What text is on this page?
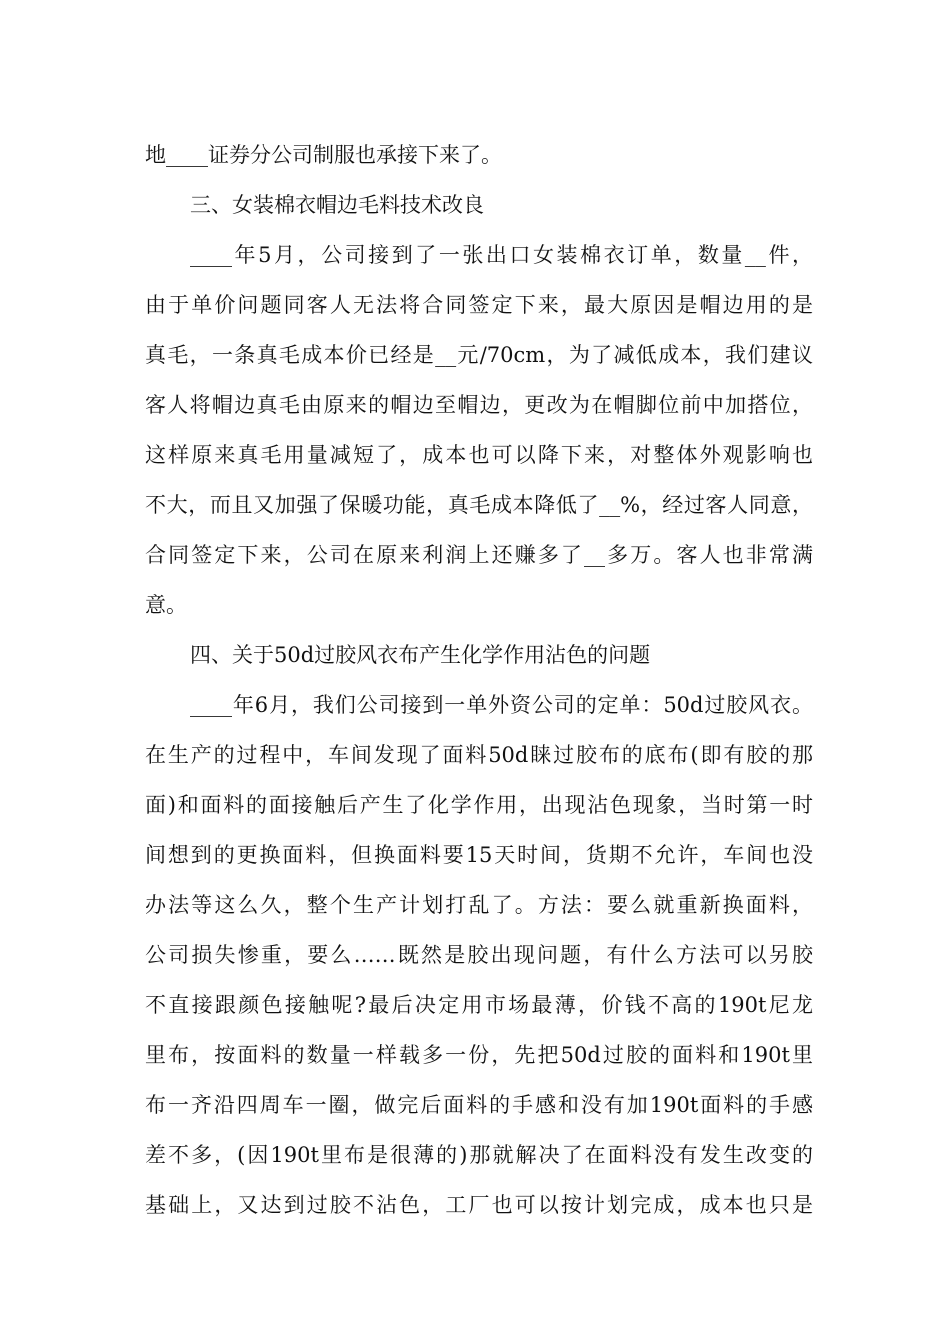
地____证券分公司制服也承接下来了。
三、女装棉衣帽边毛料技术改良
____年5月，公司接到了一张出口女装棉衣订单，数量__件，
由于单价问题同客人无法将合同签定下来，最大原因是帽边用的是
真毛，一条真毛成本价已经是__元/70cm，为了减低成本，我们建议
客人将帽边真毛由原来的帽边至帽边，更改为在帽脚位前中加搭位，
这样原来真毛用量减短了，成本也可以降下来，对整体外观影响也
不大，而且又加强了保暖功能，真毛成本降低了__%，经过客人同意，
合同签定下来，公司在原来利润上还赚多了__多万。客人也非常满
意。
四、关于50d过胶风衣布产生化学作用沾色的问题
____年6月，我们公司接到一单外资公司的定单：50d过胶风衣。
在生产的过程中，车间发现了面料50d睐过胶布的底布(即有胶的那
面)和面料的面接触后产生了化学作用，出现沾色现象，当时第一时
间想到的更换面料，但换面料要15天时间，货期不允许，车间也没
办法等这么久，整个生产计划打乱了。方法：要么就重新换面料，
公司损失惨重，要么……既然是胶出现问题，有什么方法可以另胶
不直接跟颜色接触呢?最后决定用市场最薄，价钱不高的190t尼龙
里布，按面料的数量一样载多一份，先把50d过胶的面料和190t里
布一齐沿四周车一圈，做完后面料的手感和没有加190t面料的手感
差不多，(因190t里布是很薄的)那就解决了在面料没有发生改变的
基础上，又达到过胶不沾色，工厂也可以按计划完成，成本也只是
